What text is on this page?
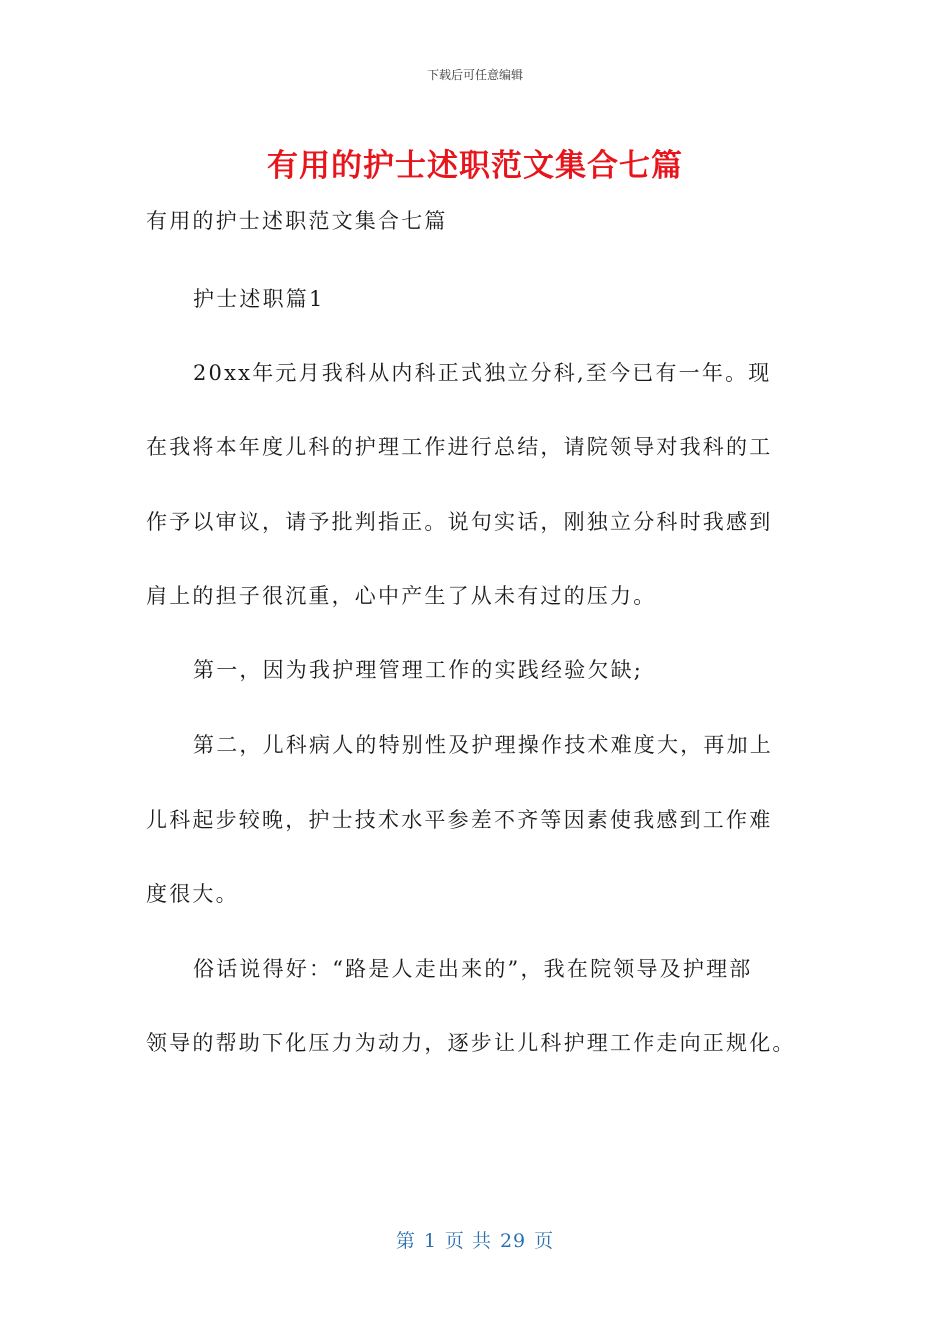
下载后可任意编辑
有用的护士述职范文集合七篇
有用的护士述职范文集合七篇
护士述职篇1
20xx年元月我科从内科正式独立分科,至今已有一年。现
在我将本年度儿科的护理工作进行总结，请院领导对我科的工
作予以审议，请予批判指正。说句实话，刚独立分科时我感到
肩上的担子很沉重，心中产生了从未有过的压力。
第一，因为我护理管理工作的实践经验欠缺;
第二，儿科病人的特别性及护理操作技术难度大，再加上
儿科起步较晚，护士技术水平参差不齐等因素使我感到工作难
度很大。
俗话说得好：“路是人走出来的”，我在院领导及护理部
领导的帮助下化压力为动力，逐步让儿科护理工作走向正规化。
第 1 页 共 29 页
